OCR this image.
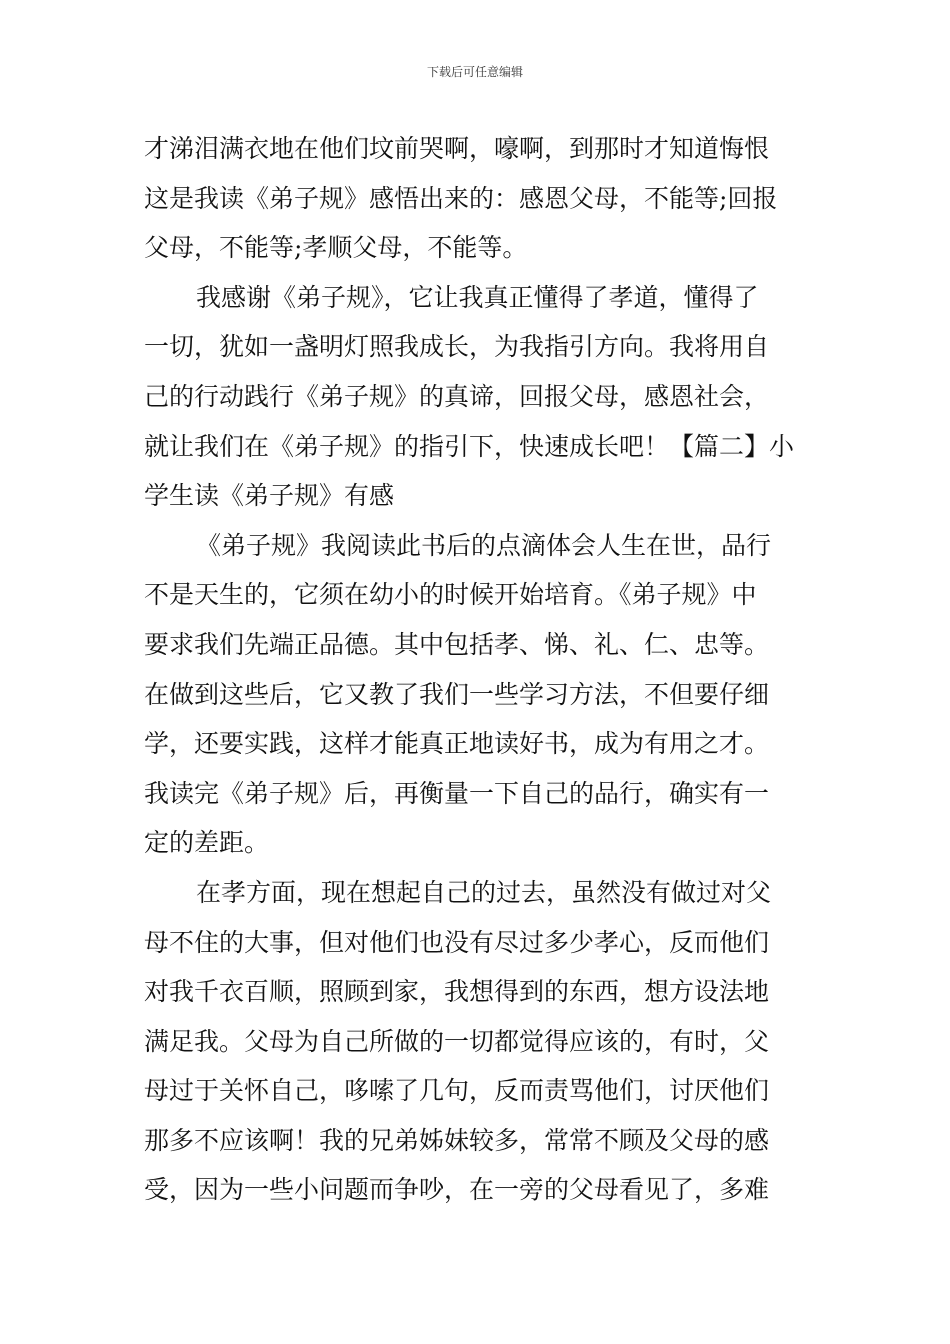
下载后可任意编辑
才涕泪满衣地在他们坟前哭啊，嚎啊，到那时才知道悔恨
这是我读《弟子规》感悟出来的：感恩父母，不能等;回报
父母，不能等;孝顺父母，不能等。
我感谢《弟子规》，它让我真正懂得了孝道，懂得了
一切，犹如一盏明灯照我成长，为我指引方向。我将用自
己的行动践行《弟子规》的真谛，回报父母，感恩社会，
就让我们在《弟子规》的指引下，快速成长吧！【篇二】小
学生读《弟子规》有感
《弟子规》我阅读此书后的点滴体会人生在世，品行
不是天生的，它须在幼小的时候开始培育。《弟子规》中
要求我们先端正品德。其中包括孝、悌、礼、仁、忠等。
在做到这些后，它又教了我们一些学习方法，不但要仔细
学，还要实践，这样才能真正地读好书，成为有用之才。
我读完《弟子规》后，再衡量一下自己的品行，确实有一
定的差距。
在孝方面，现在想起自己的过去，虽然没有做过对父
母不住的大事，但对他们也没有尽过多少孝心，反而他们
对我千衣百顺，照顾到家，我想得到的东西，想方设法地
满足我。父母为自己所做的一切都觉得应该的，有时，父
母过于关怀自己，哆嗦了几句，反而责骂他们，讨厌他们
那多不应该啊！我的兄弟姊妹较多，常常不顾及父母的感
受，因为一些小问题而争吵，在一旁的父母看见了，多难
